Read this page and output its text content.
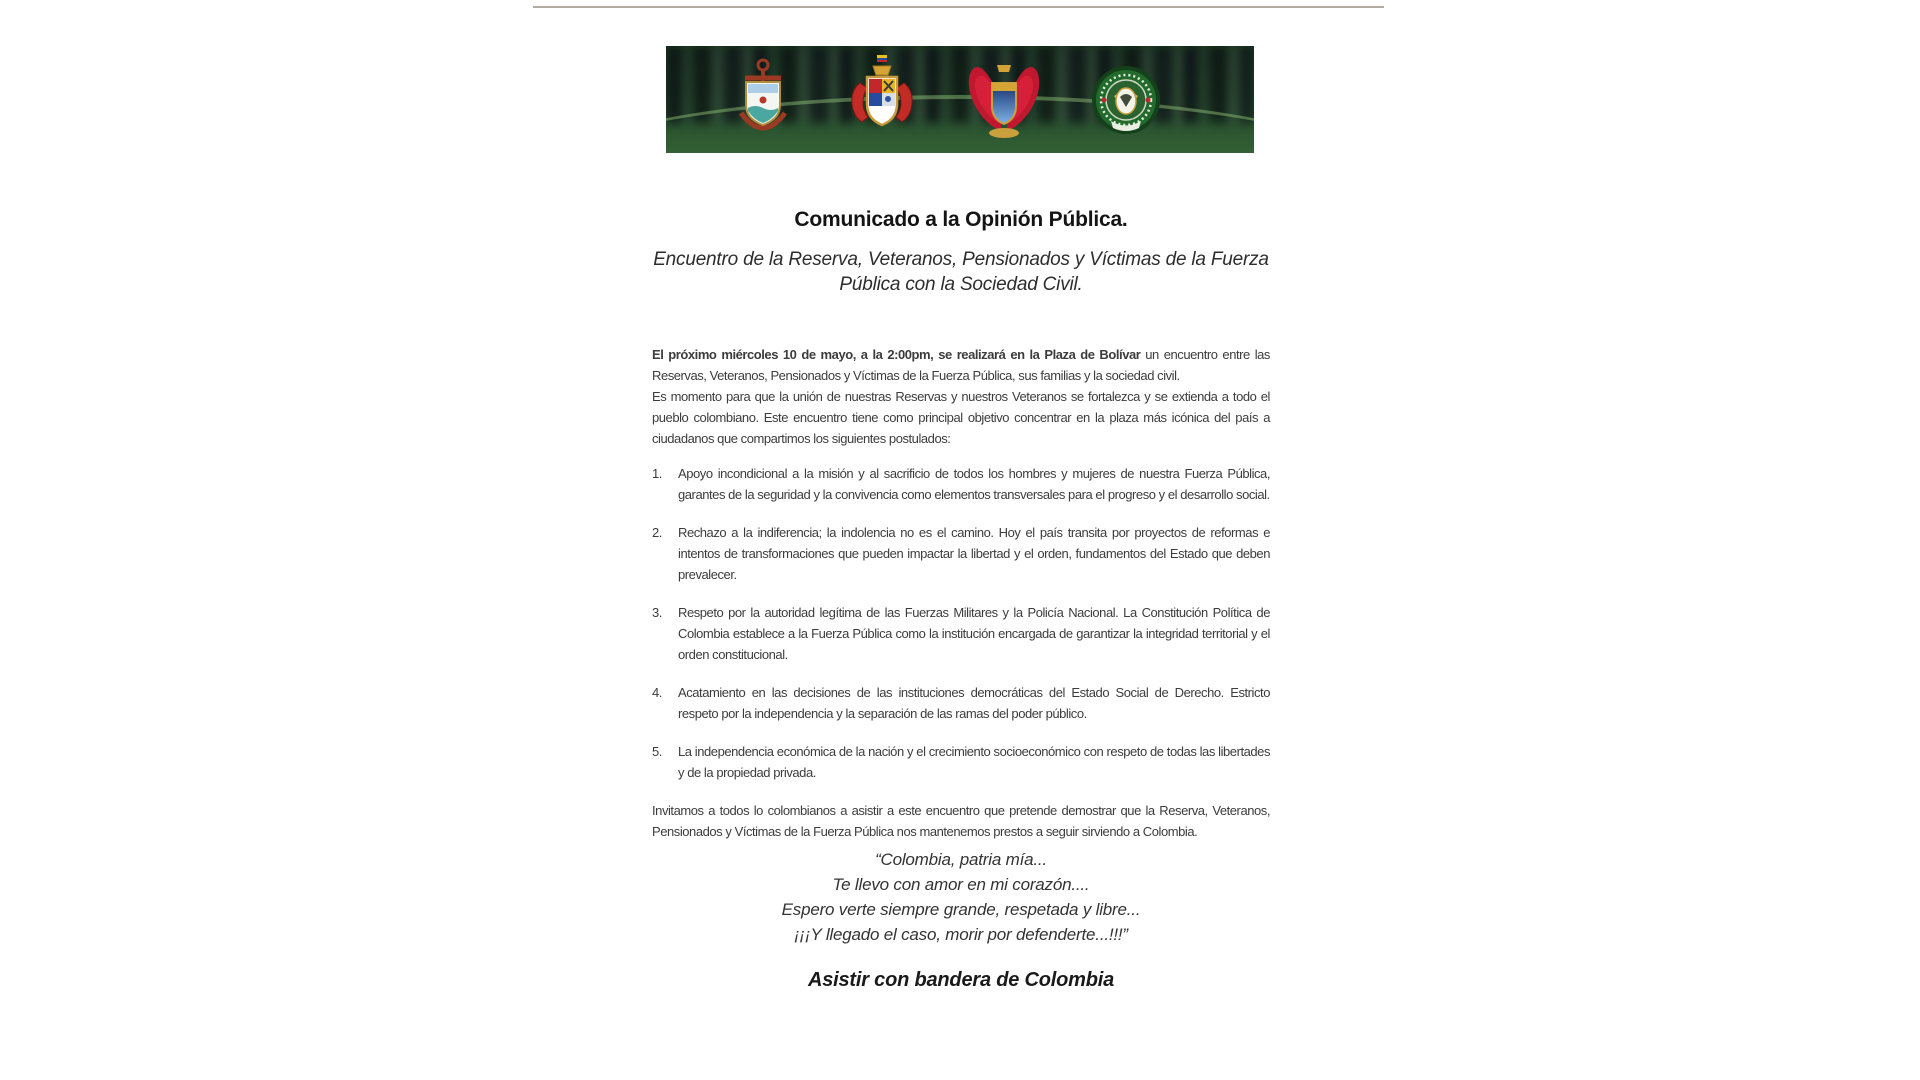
Comunicado a la Opinión Pública.
Encuentro de la Reserva, Veteranos, Pensionados y Víctimas de la Fuerza Pública con la Sociedad Civil.

El próximo miércoles 10 de mayo, a la 2:00pm, se realizará en la Plaza de Bolívar un encuentro entre las Reservas, Veteranos, Pensionados y Víctimas de la Fuerza Pública, sus familias y la sociedad civil.

Es momento para que la unión de nuestras Reservas y nuestros Veteranos se fortalezca y se extienda a todo el pueblo colombiano. Este encuentro tiene como principal objetivo concentrar en la plaza más icónica del país a ciudadanos que compartimos los siguientes postulados:

1.	Apoyo incondicional a la misión y al sacrificio de todos los hombres y mujeres de nuestra Fuerza Pública, garantes de la seguridad y la convivencia como elementos transversales para el progreso y el desarrollo social.
2.	Rechazo a la indiferencia; la indolencia no es el camino. Hoy el país transita por proyectos de reformas e intentos de transformaciones que pueden impactar la libertad y el orden, fundamentos del Estado que deben prevalecer.
3.	Respeto por la autoridad legítima de las Fuerzas Militares y la Policía Nacional. La Constitución Política de Colombia establece a la Fuerza Pública como la institución encargada de garantizar la integridad territorial y el orden constitucional.
4.	Acatamiento en las decisiones de las instituciones democráticas del Estado Social de Derecho. Estricto respeto por la independencia y la separación de las ramas del poder público.
5.	La independencia económica de la nación y el crecimiento socioeconómico con respeto de todas las libertades y de la propiedad privada.

Invitamos a todos lo colombianos a asistir a este encuentro que pretende demostrar que la Reserva, Veteranos, Pensionados y Víctimas de la Fuerza Pública nos mantenemos prestos a seguir sirviendo a Colombia.

“Colombia, patria mía...
Te llevo con amor en mi corazón....
Espero verte siempre grande, respetada y libre...
¡¡¡Y llegado el caso, morir por defenderte...!!!”
Asistir con bandera de Colombia
